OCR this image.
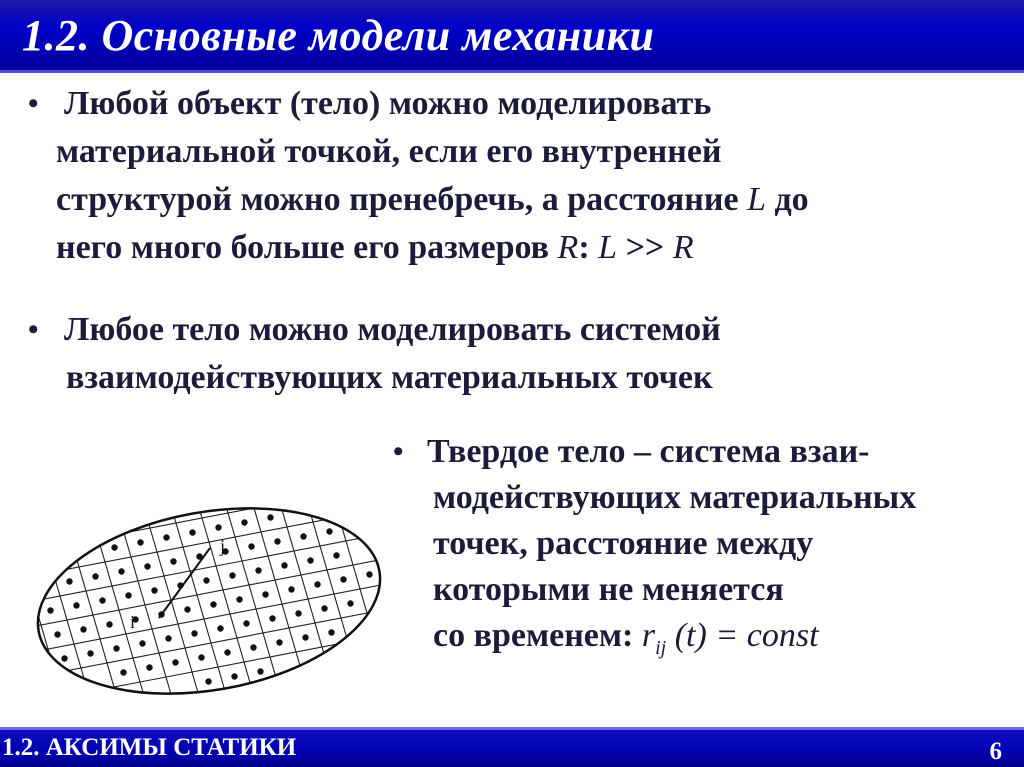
1.2. Основные модели механики
• Любой объект (тело) можно моделировать
материальной точкой, если его внутренней
структурой можно пренебречь, а расстояние L до
него много больше его размеров R: L >> R
• Любое тело можно моделировать системой
взаимодействующих материальных точек
• Твердое тело – система взаи-
модействующих материальных
точек, расстояние между
которыми не меняется
со временем: $r_{ij}$ (t) = const
i
j
1.2. АКСИМЫ СТАТИКИ	6
